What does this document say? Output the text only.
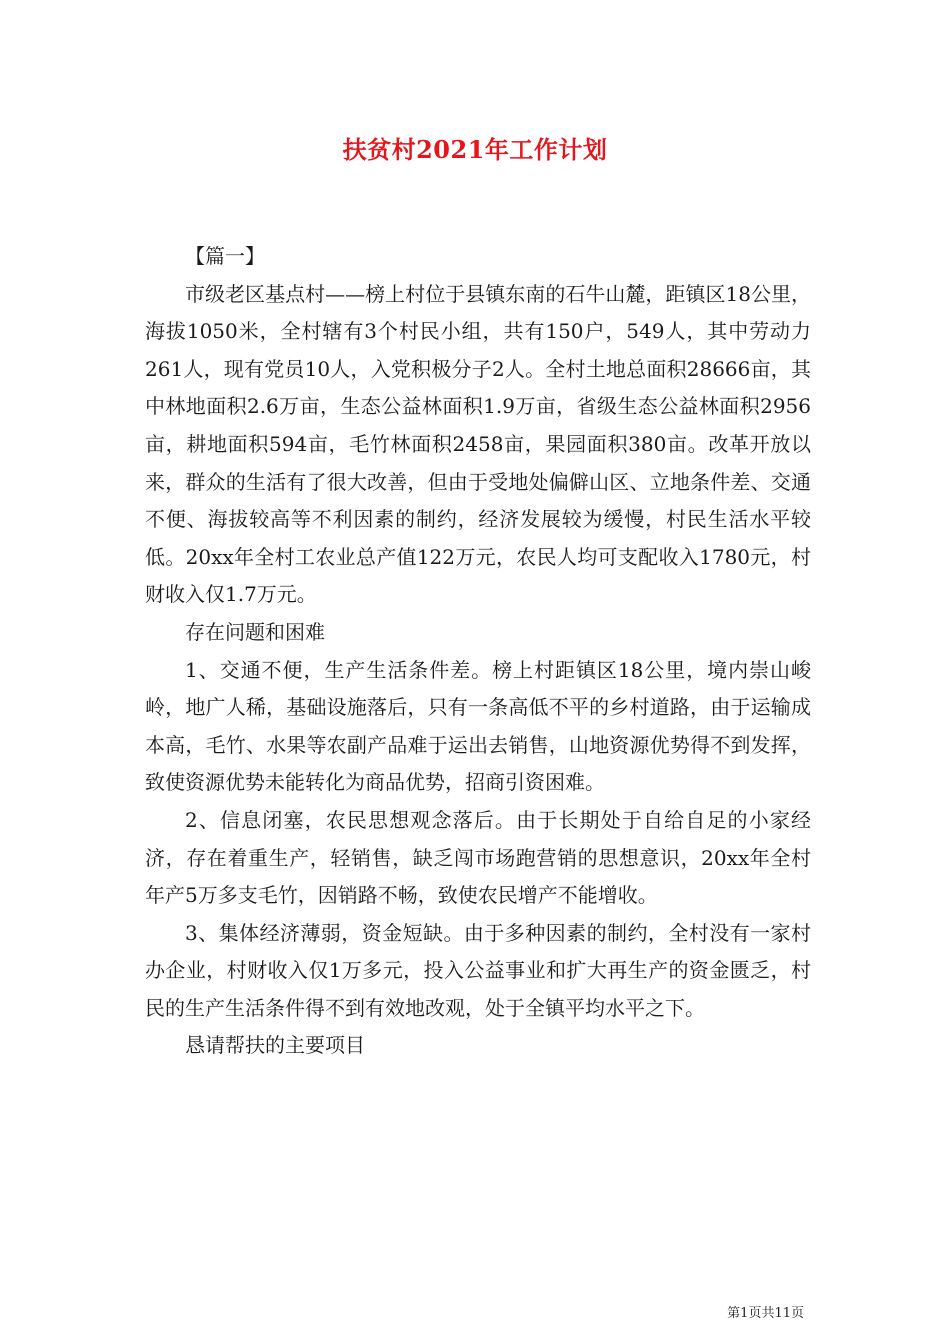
扶贫村2021年工作计划

【篇一】

市级老区基点村——榜上村位于县镇东南的石牛山麓，距镇区18公里，海拔1050米，全村辖有3个村民小组，共有150户，549人，其中劳动力261人，现有党员10人，入党积极分子2人。全村土地总面积28666亩，其中林地面积2.6万亩，生态公益林面积1.9万亩，省级生态公益林面积2956亩，耕地面积594亩，毛竹林面积2458亩，果园面积380亩。改革开放以来，群众的生活有了很大改善，但由于受地处偏僻山区、立地条件差、交通不便、海拔较高等不利因素的制约，经济发展较为缓慢，村民生活水平较低。20xx年全村工农业总产值122万元，农民人均可支配收入1780元，村财收入仅1.7万元。

存在问题和困难

1、交通不便，生产生活条件差。榜上村距镇区18公里，境内崇山峻岭，地广人稀，基础设施落后，只有一条高低不平的乡村道路，由于运输成本高，毛竹、水果等农副产品难于运出去销售，山地资源优势得不到发挥，致使资源优势未能转化为商品优势，招商引资困难。

2、信息闭塞，农民思想观念落后。由于长期处于自给自足的小家经济，存在着重生产，轻销售，缺乏闯市场跑营销的思想意识，20xx年全村年产5万多支毛竹，因销路不畅，致使农民增产不能增收。

3、集体经济薄弱，资金短缺。由于多种因素的制约，全村没有一家村办企业，村财收入仅1万多元，投入公益事业和扩大再生产的资金匮乏，村民的生产生活条件得不到有效地改观，处于全镇平均水平之下。

恳请帮扶的主要项目

第1页共11页
